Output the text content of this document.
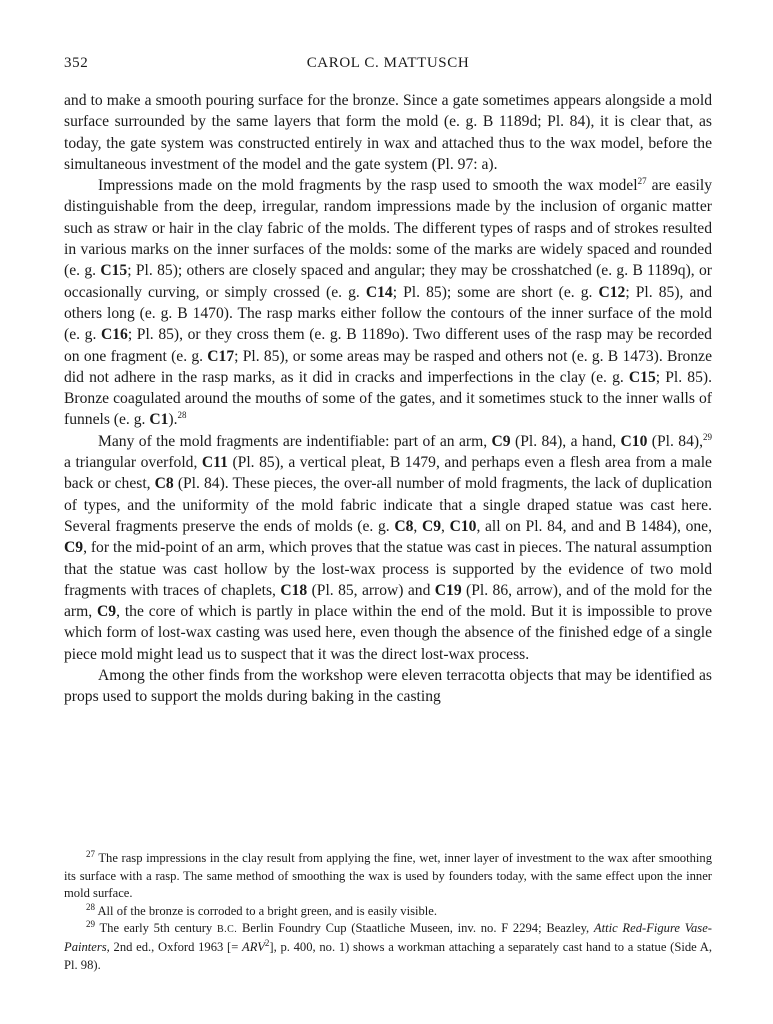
352	CAROL C. MATTUSCH

and to make a smooth pouring surface for the bronze. Since a gate sometimes appears alongside a mold surface surrounded by the same layers that form the mold (e. g. B 1189d; Pl. 84), it is clear that, as today, the gate system was constructed entirely in wax and attached thus to the wax model, before the simultaneous investment of the model and the gate system (Pl. 97: a).

Impressions made on the mold fragments by the rasp used to smooth the wax model$^{27}$ are easily distinguishable from the deep, irregular, random impressions made by the inclusion of organic matter such as straw or hair in the clay fabric of the molds. The different types of rasps and of strokes resulted in various marks on the inner surfaces of the molds: some of the marks are widely spaced and rounded (e. g. C15; Pl. 85); others are closely spaced and angular; they may be crosshatched (e. g. B 1189q), or occasionally curving, or simply crossed (e. g. C14; Pl. 85); some are short (e. g. C12; Pl. 85), and others long (e. g. B 1470). The rasp marks either follow the contours of the inner surface of the mold (e. g. C16; Pl. 85), or they cross them (e. g. B 1189o). Two different uses of the rasp may be recorded on one fragment (e. g. C17; Pl. 85), or some areas may be rasped and others not (e. g. B 1473). Bronze did not adhere in the rasp marks, as it did in cracks and imperfections in the clay (e. g. C15; Pl. 85). Bronze coagulated around the mouths of some of the gates, and it sometimes stuck to the inner walls of funnels (e. g. C1).$^{28}$

Many of the mold fragments are indentifiable: part of an arm, C9 (Pl. 84), a hand, C10 (Pl. 84),$^{29}$ a triangular overfold, C11 (Pl. 85), a vertical pleat, B 1479, and perhaps even a flesh area from a male back or chest, C8 (Pl. 84). These pieces, the over-all number of mold fragments, the lack of duplication of types, and the uniformity of the mold fabric indicate that a single draped statue was cast here. Several fragments preserve the ends of molds (e. g. C8, C9, C10, all on Pl. 84, and and B 1484), one, C9, for the mid-point of an arm, which proves that the statue was cast in pieces. The natural assumption that the statue was cast hollow by the lost-wax process is supported by the evidence of two mold fragments with traces of chaplets, C18 (Pl. 85, arrow) and C19 (Pl. 86, arrow), and of the mold for the arm, C9, the core of which is partly in place within the end of the mold. But it is impossible to prove which form of lost-wax casting was used here, even though the absence of the finished edge of a single piece mold might lead us to suspect that it was the direct lost-wax process.

Among the other finds from the workshop were eleven terracotta objects that may be identified as props used to support the molds during baking in the casting

$^{27}$ The rasp impressions in the clay result from applying the fine, wet, inner layer of investment to the wax after smoothing its surface with a rasp. The same method of smoothing the wax is used by founders today, with the same effect upon the inner mold surface.

$^{28}$ All of the bronze is corroded to a bright green, and is easily visible.

$^{29}$ The early 5th century B.C. Berlin Foundry Cup (Staatliche Museen, inv. no. F 2294; Beazley, Attic Red-Figure Vase-Painters, 2nd ed., Oxford 1963 [= $ARV^2$], p. 400, no. 1) shows a workman attaching a separately cast hand to a statue (Side A, Pl. 98).
